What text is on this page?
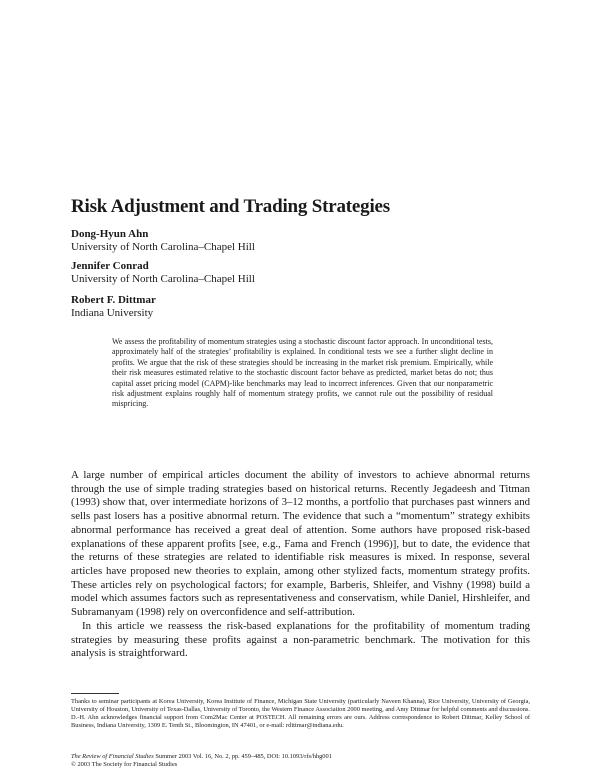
Risk Adjustment and Trading Strategies
Dong-Hyun Ahn
University of North Carolina–Chapel Hill
Jennifer Conrad
University of North Carolina–Chapel Hill
Robert F. Dittmar
Indiana University
We assess the profitability of momentum strategies using a stochastic discount factor approach. In unconditional tests, approximately half of the strategies’ profitability is explained. In conditional tests we see a further slight decline in profits. We argue that the risk of these strategies should be increasing in the market risk premium. Empirically, while their risk measures estimated relative to the stochastic discount factor behave as predicted, market betas do not; thus capital asset pricing model (CAPM)-like benchmarks may lead to incorrect inferences. Given that our nonparametric risk adjustment explains roughly half of momentum strategy profits, we cannot rule out the possibility of residual mispricing.
A large number of empirical articles document the ability of investors to achieve abnormal returns through the use of simple trading strategies based on historical returns. Recently Jegadeesh and Titman (1993) show that, over intermediate horizons of 3–12 months, a portfolio that purchases past winners and sells past losers has a positive abnormal return. The evidence that such a “momentum” strategy exhibits abnormal performance has received a great deal of attention. Some authors have proposed risk-based explanations of these apparent profits [see, e.g., Fama and French (1996)], but to date, the evidence that the returns of these strategies are related to identifiable risk measures is mixed. In response, several articles have proposed new theories to explain, among other stylized facts, momentum strategy profits. These articles rely on psychological factors; for example, Barberis, Shleifer, and Vishny (1998) build a model which assumes factors such as representativeness and conservatism, while Daniel, Hirshleifer, and Subramanyam (1998) rely on overconfidence and self-attribution.
In this article we reassess the risk-based explanations for the profitability of momentum trading strategies by measuring these profits against a non-parametric benchmark. The motivation for this analysis is straightforward.
Thanks to seminar participants at Korea University, Korea Institute of Finance, Michigan State University (particularly Naveen Khanna), Rice University, University of Georgia, University of Houston, University of Texas-Dallas, University of Toronto, the Western Finance Association 2000 meeting, and Amy Dittmar for helpful comments and discussions. D.-H. Ahn acknowledges financial support from Com2Mac Center at POSTECH. All remaining errors are ours. Address correspondence to Robert Dittmar, Kelley School of Business, Indiana University, 1309 E. Tenth St., Bloomington, IN 47401, or e-mail: rdittmar@indiana.edu.
The Review of Financial Studies Summer 2003 Vol. 16, No. 2, pp. 459–485, DOI: 10.1093/rfs/hhg001
© 2003 The Society for Financial Studies
